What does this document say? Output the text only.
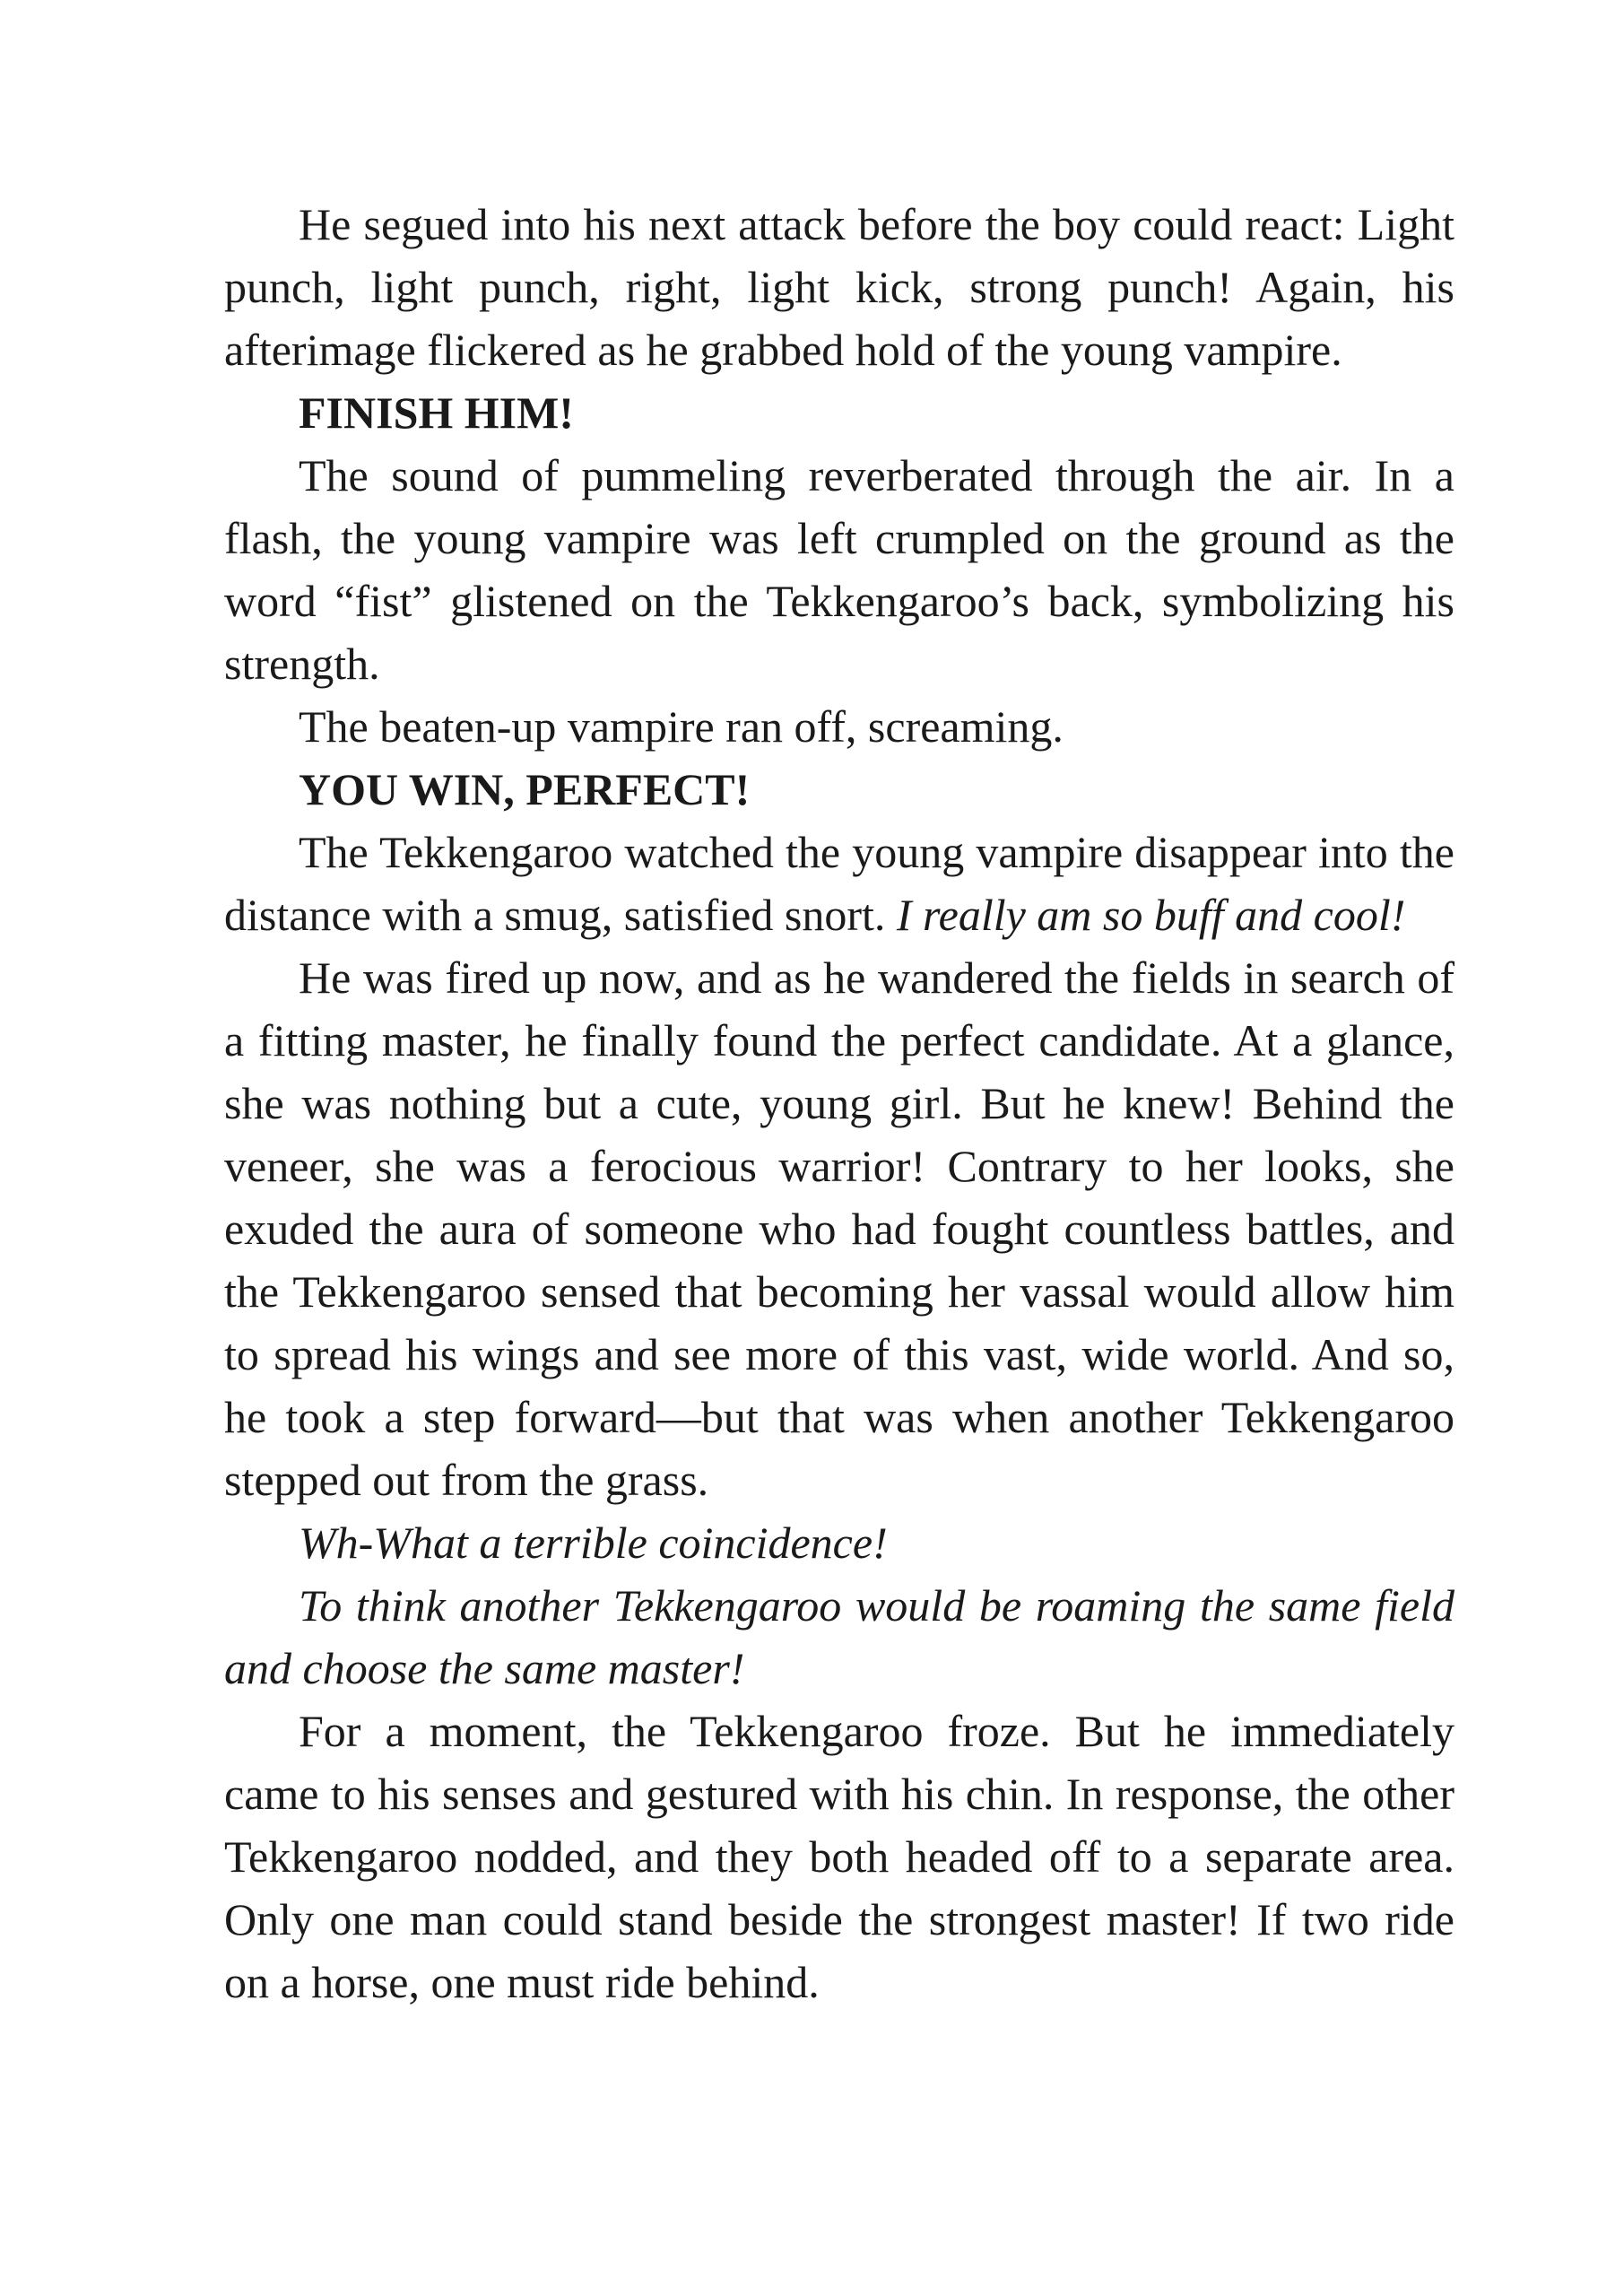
He segued into his next attack before the boy could react: Light punch, light punch, right, light kick, strong punch! Again, his afterimage flickered as he grabbed hold of the young vampire.

FINISH HIM!

The sound of pummeling reverberated through the air. In a flash, the young vampire was left crumpled on the ground as the word “fist” glistened on the Tekkengaroo’s back, symbolizing his strength.

The beaten-up vampire ran off, screaming.

YOU WIN, PERFECT!

The Tekkengaroo watched the young vampire disappear into the distance with a smug, satisfied snort. I really am so buff and cool!

He was fired up now, and as he wandered the fields in search of a fitting master, he finally found the perfect candidate. At a glance, she was nothing but a cute, young girl. But he knew! Behind the veneer, she was a ferocious warrior! Contrary to her looks, she exuded the aura of someone who had fought countless battles, and the Tekkengaroo sensed that becoming her vassal would allow him to spread his wings and see more of this vast, wide world. And so, he took a step forward—but that was when another Tekkengaroo stepped out from the grass.

Wh-What a terrible coincidence!

To think another Tekkengaroo would be roaming the same field and choose the same master!

For a moment, the Tekkengaroo froze. But he immediately came to his senses and gestured with his chin. In response, the other Tekkengaroo nodded, and they both headed off to a separate area. Only one man could stand beside the strongest master! If two ride on a horse, one must ride behind.
